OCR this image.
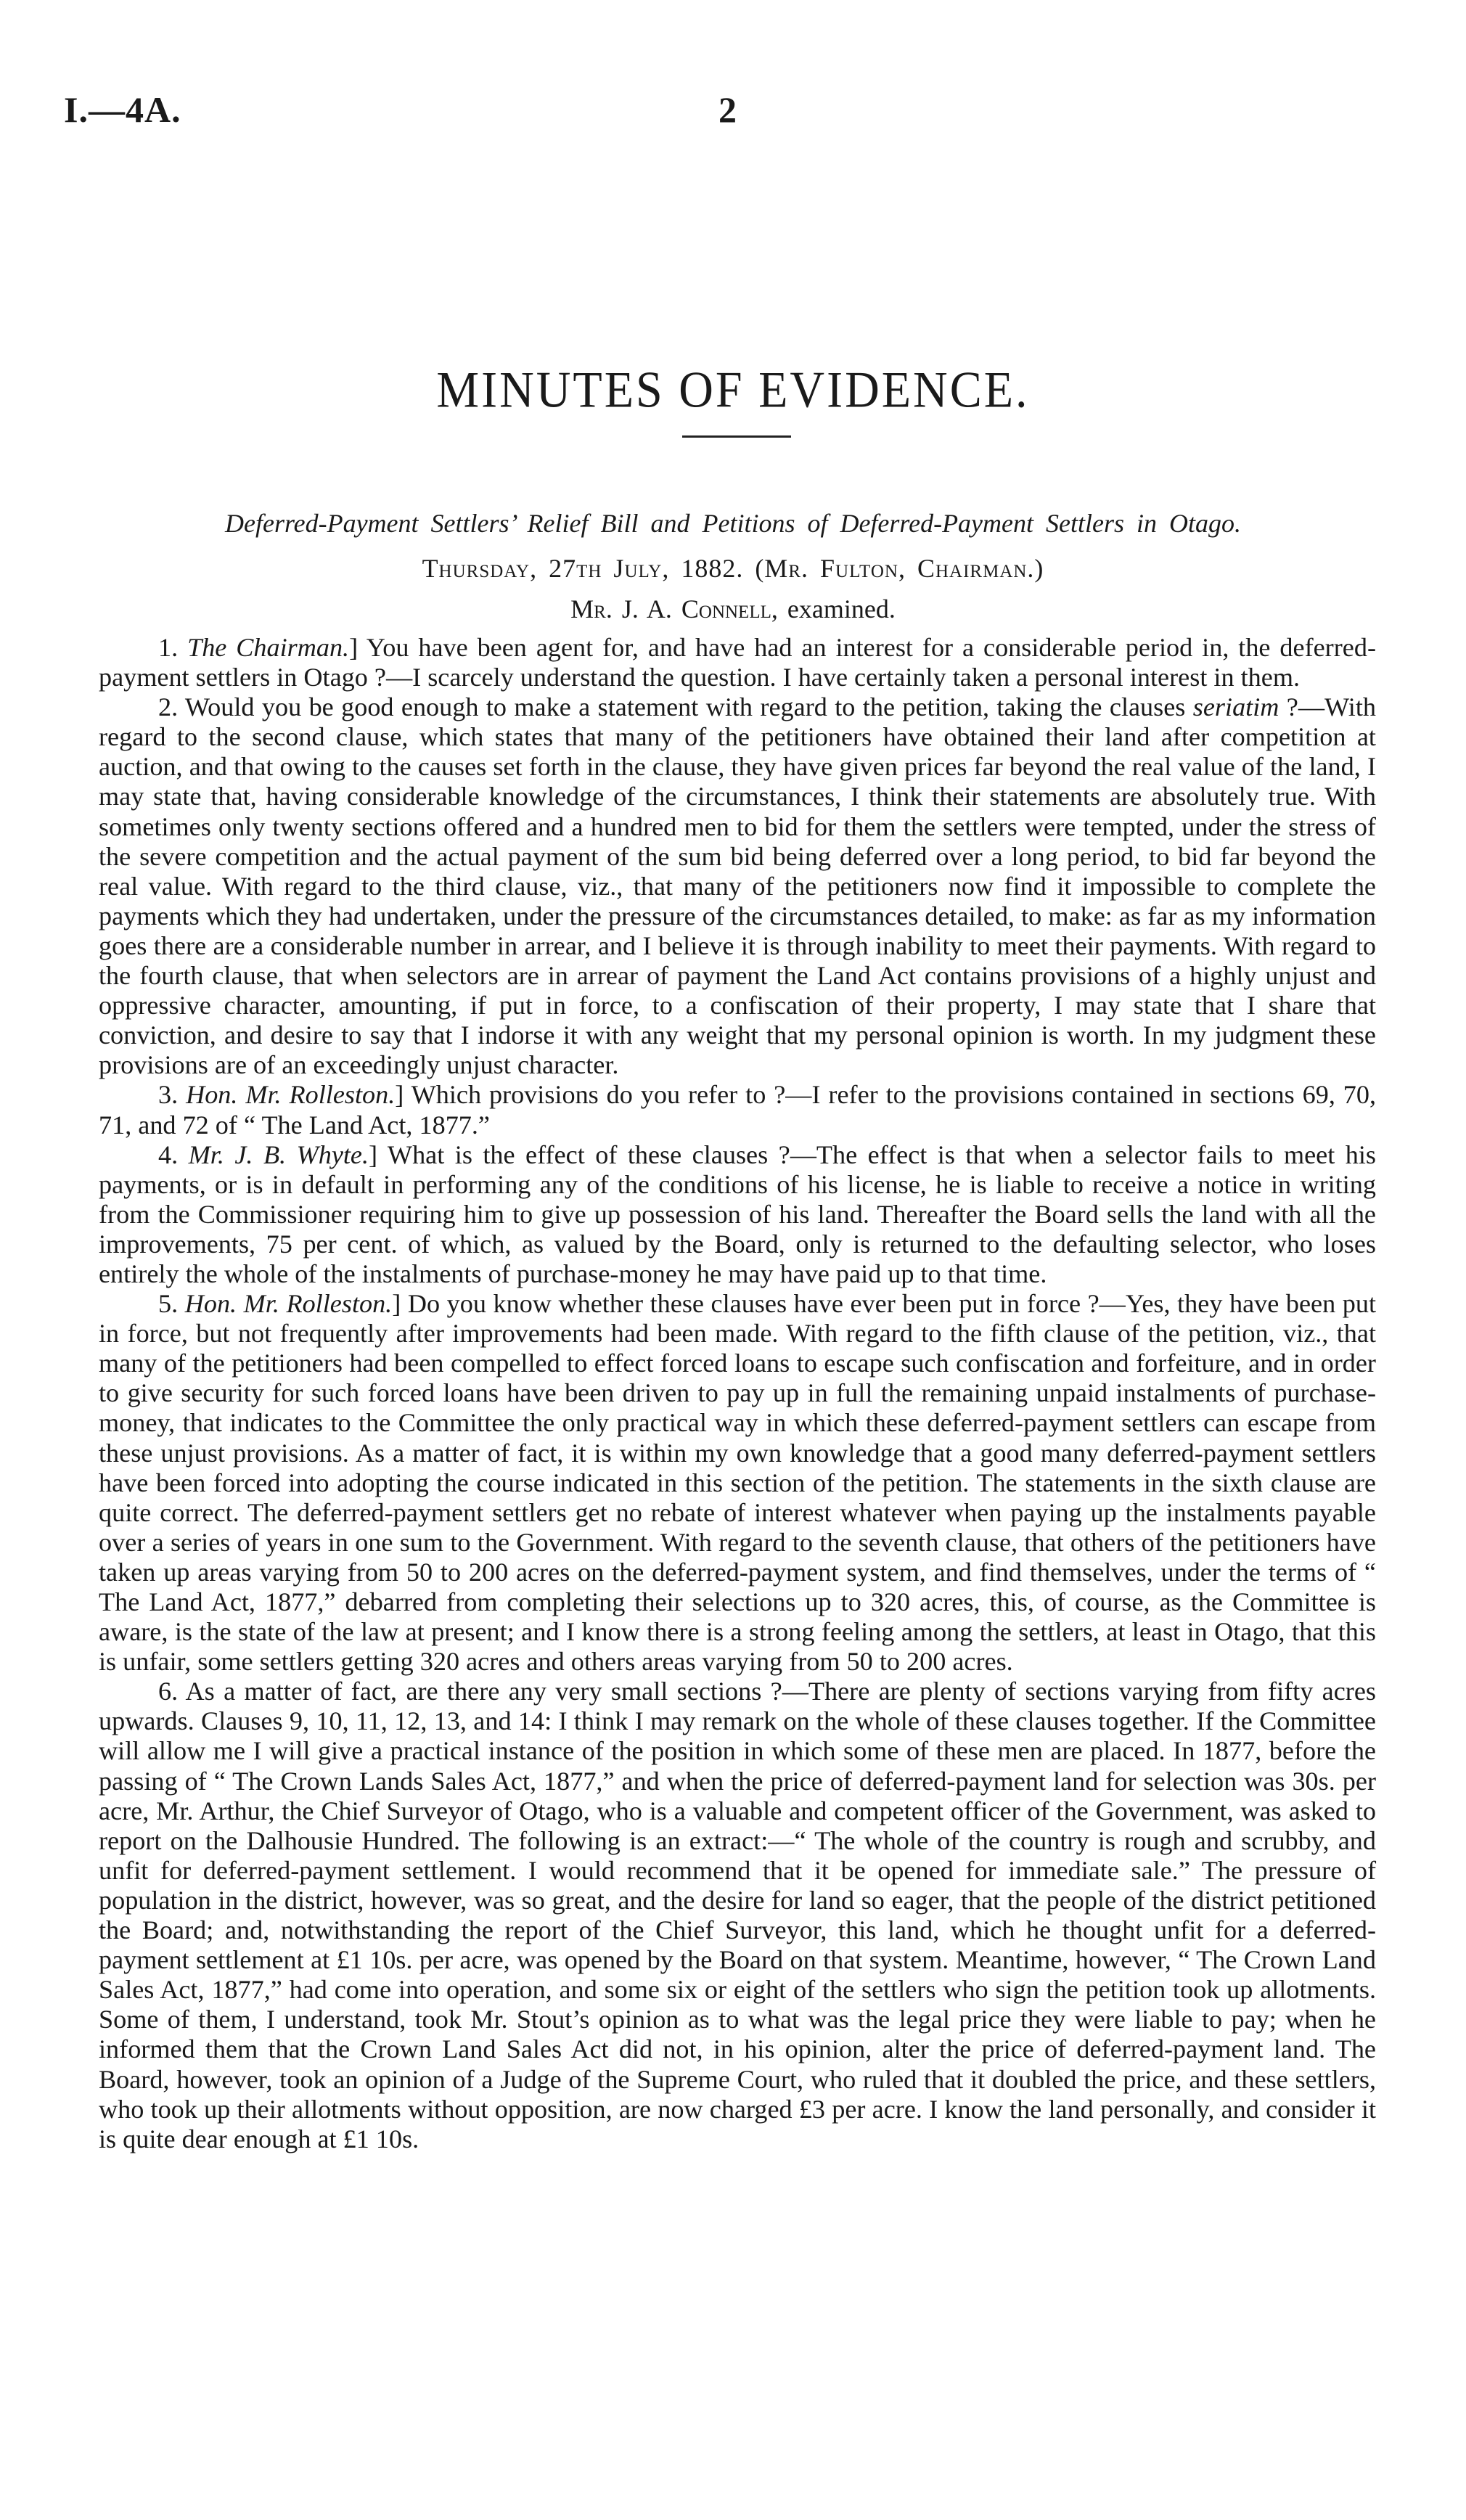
I.—4A.	2
MINUTES OF EVIDENCE.
Deferred-Payment Settlers’ Relief Bill and Petitions of Deferred-Payment Settlers in Otago.
Thursday, 27th July, 1882. (Mr. Fulton, Chairman.)
Mr. J. A. Connell, examined.

1. The Chairman.] You have been agent for, and have had an interest for a considerable period in, the deferred-payment settlers in Otago ?—I scarcely understand the question. I have certainly taken a personal interest in them.

2. Would you be good enough to make a statement with regard to the petition, taking the clauses seriatim ?—With regard to the second clause, which states that many of the petitioners have obtained their land after competition at auction, and that owing to the causes set forth in the clause, they have given prices far beyond the real value of the land, I may state that, having considerable knowledge of the circumstances, I think their statements are absolutely true. With sometimes only twenty sections offered and a hundred men to bid for them the settlers were tempted, under the stress of the severe competition and the actual payment of the sum bid being deferred over a long period, to bid far beyond the real value. With regard to the third clause, viz., that many of the petitioners now find it impossible to complete the payments which they had undertaken, under the pressure of the circumstances detailed, to make: as far as my information goes there are a considerable number in arrear, and I believe it is through inability to meet their payments. With regard to the fourth clause, that when selectors are in arrear of payment the Land Act contains provisions of a highly unjust and oppressive character, amounting, if put in force, to a confiscation of their property, I may state that I share that conviction, and desire to say that I indorse it with any weight that my personal opinion is worth. In my judgment these provisions are of an exceedingly unjust character.

3. Hon. Mr. Rolleston.] Which provisions do you refer to ?—I refer to the provisions contained in sections 69, 70, 71, and 72 of “ The Land Act, 1877.”

4. Mr. J. B. Whyte.] What is the effect of these clauses ?—The effect is that when a selector fails to meet his payments, or is in default in performing any of the conditions of his license, he is liable to receive a notice in writing from the Commissioner requiring him to give up possession of his land. Thereafter the Board sells the land with all the improvements, 75 per cent. of which, as valued by the Board, only is returned to the defaulting selector, who loses entirely the whole of the instalments of purchase-money he may have paid up to that time.

5. Hon. Mr. Rolleston.] Do you know whether these clauses have ever been put in force ?—Yes, they have been put in force, but not frequently after improvements had been made. With regard to the fifth clause of the petition, viz., that many of the petitioners had been compelled to effect forced loans to escape such confiscation and forfeiture, and in order to give security for such forced loans have been driven to pay up in full the remaining unpaid instalments of purchase-money, that indicates to the Committee the only practical way in which these deferred-payment settlers can escape from these unjust provisions. As a matter of fact, it is within my own knowledge that a good many deferred-payment settlers have been forced into adopting the course indicated in this section of the petition. The statements in the sixth clause are quite correct. The deferred-payment settlers get no rebate of interest whatever when paying up the instalments payable over a series of years in one sum to the Government. With regard to the seventh clause, that others of the petitioners have taken up areas varying from 50 to 200 acres on the deferred-payment system, and find themselves, under the terms of “ The Land Act, 1877,” debarred from completing their selections up to 320 acres, this, of course, as the Committee is aware, is the state of the law at present; and I know there is a strong feeling among the settlers, at least in Otago, that this is unfair, some settlers getting 320 acres and others areas varying from 50 to 200 acres.

6. As a matter of fact, are there any very small sections ?—There are plenty of sections varying from fifty acres upwards. Clauses 9, 10, 11, 12, 13, and 14: I think I may remark on the whole of these clauses together. If the Committee will allow me I will give a practical instance of the position in which some of these men are placed. In 1877, before the passing of “ The Crown Lands Sales Act, 1877,” and when the price of deferred-payment land for selection was 30s. per acre, Mr. Arthur, the Chief Surveyor of Otago, who is a valuable and competent officer of the Government, was asked to report on the Dalhousie Hundred. The following is an extract:—“ The whole of the country is rough and scrubby, and unfit for deferred-payment settlement. I would recommend that it be opened for immediate sale.” The pressure of population in the district, however, was so great, and the desire for land so eager, that the people of the district petitioned the Board; and, notwithstanding the report of the Chief Surveyor, this land, which he thought unfit for a deferred-payment settlement at £1 10s. per acre, was opened by the Board on that system. Meantime, however, “ The Crown Land Sales Act, 1877,” had come into operation, and some six or eight of the settlers who sign the petition took up allotments. Some of them, I understand, took Mr. Stout’s opinion as to what was the legal price they were liable to pay; when he informed them that the Crown Land Sales Act did not, in his opinion, alter the price of deferred-payment land. The Board, however, took an opinion of a Judge of the Supreme Court, who ruled that it doubled the price, and these settlers, who took up their allotments without opposition, are now charged £3 per acre. I know the land personally, and consider it is quite dear enough at £1 10s.
